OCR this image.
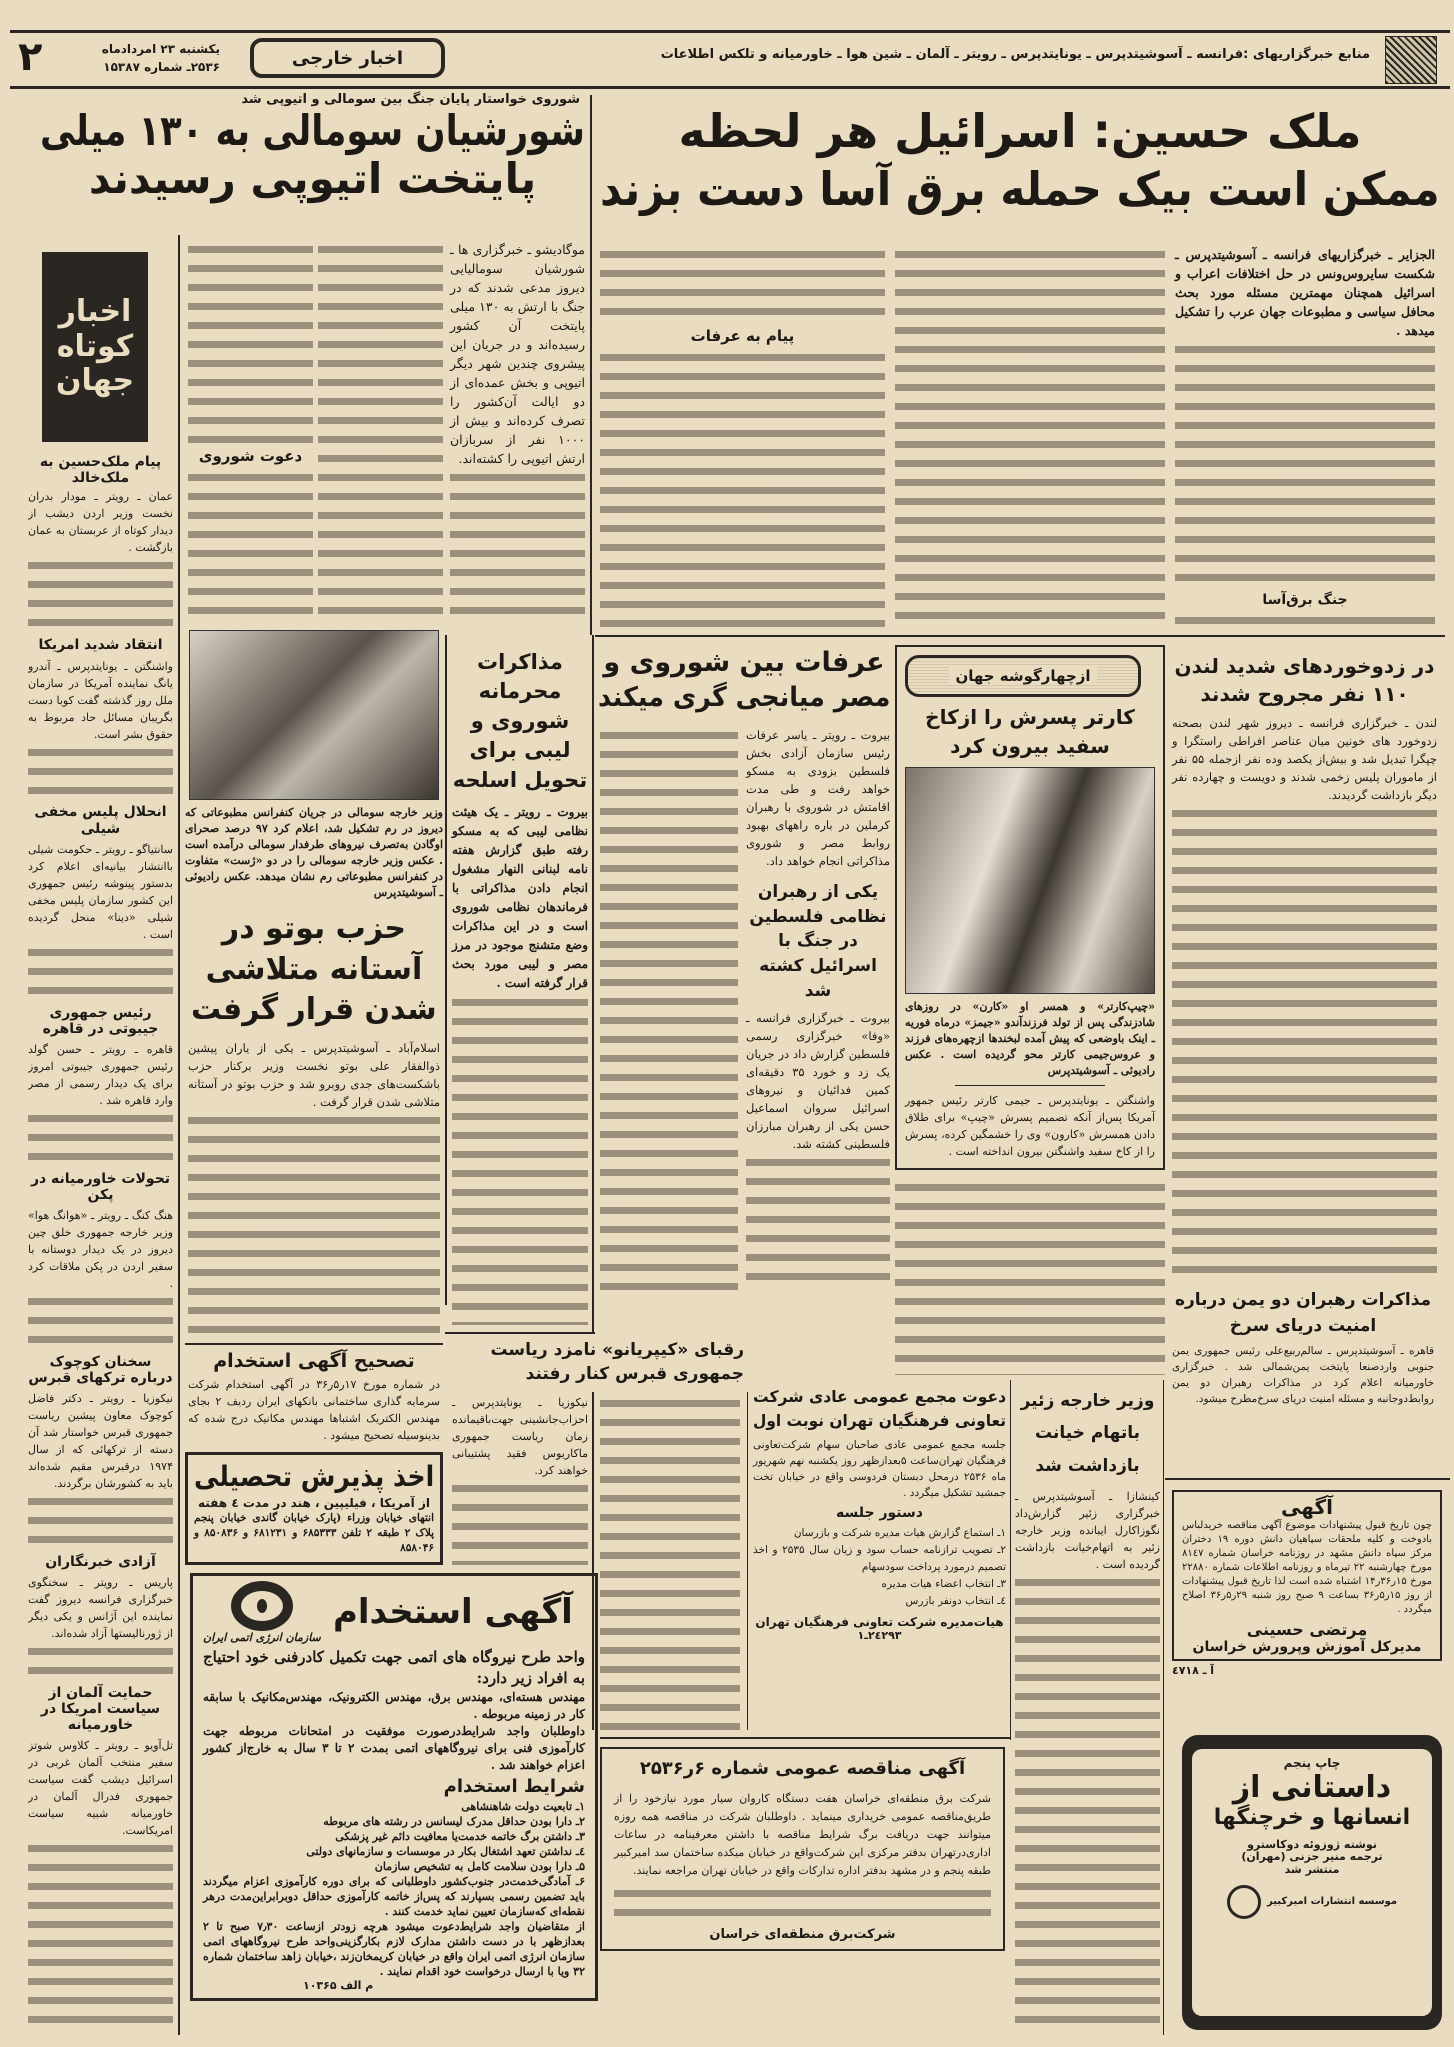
منابع خبرگزاریهای :فرانسه ـ آسوشیتدپرس ـ یونایتدپرس ـ رویتر ـ آلمان ـ شین هوا ـ خاورمیانه و تلکس اطلاعات
اخبار خارجی
یکشنبه ۲۳ امردادماه
۲۵۳۶ـ شماره ۱۵۳۸۷
۲
شوروی خواستار پایان جنگ بین سومالی و اتیوپی شد
شورشیان سومالی به ۱۳۰ میلی
پایتخت اتیوپی رسیدند
موگادیشو ـ خبرگزاری ها ـ شورشیان سومالیایی دیروز مدعی شدند که در جنگ با ارتش به ۱۳۰ میلی پایتخت آن کشور رسیده‌اند و در جریان این پیشروی چندین شهر دیگر اتیوپی و بخش عمده‌ای از دو ایالت آن‌کشور را تصرف کرده‌اند و بیش از ۱۰۰۰ نفر از سربازان ارتش اتیوپی را کشته‌اند.
دعوت شوروی
اخبار کوتاه جهان
پیام ملک‌حسین به ملک‌خالد
عمان ـ رویتر ـ مودار بدران نخست وزیر اردن دیشب از دیدار کوتاه از عربستان به عمان بازگشت .
انتقاد شدید امریکا
واشنگتن ـ یونایتدپرس ـ آندرو یانگ نماینده آمریکا در سازمان ملل روز گذشته گفت کوبا دست بگریبان مسائل حاد مربوط به حقوق بشر است.
انحلال پلیس مخفی شیلی
سانتیاگو ـ رویتر ـ حکومت شیلی باانتشار بیانیه‌ای اعلام کرد بدستور پینوشه رئیس جمهوری این کشور سازمان پلیس مخفی شیلی «دینا» منحل گردیده است .
رئیس جمهوری جیبوتی در قاهره
قاهره ـ رویتر ـ حسن گولد رئیس جمهوری جیبوتی امروز برای یک دیدار رسمی از مصر وارد قاهره شد .
تحولات خاورمیانه در پکن
هنگ کنگ ـ رویتر ـ «هوانگ هوا» وزیر خارجه جمهوری خلق چین دیروز در یک دیدار دوستانه با سفیر اردن در پکن ملاقات کرد .
سخنان کوچوک درباره ترکهای قبرس
نیکوزیا ـ رویتر ـ دکتر فاضل کوچوک معاون پیشین ریاست جمهوری قبرس خواستار شد آن دسته از ترکهائی که از سال ۱۹۷۴ درقبرس مقیم شده‌اند باید به کشورشان برگردند.
آزادی خبرنگاران
پاریس ـ رویتر ـ سخنگوی خبرگزاری فرانسه دیروز گفت نماینده این آژانس و یکی دیگر از ژورنالیستها آزاد شده‌اند.
حمایت آلمان از سیاست امریکا در خاورمیانه
تل‌آویو ـ رویتر ـ کلاوس شوتز سفیر منتخب آلمان غربی در اسرائیل دیشب گفت سیاست جمهوری فدرال آلمان در خاورمیانه شبیه سیاست امریکاست.
وزیر خارجه سومالی در جریان کنفرانس مطبوعاتی که دیروز در رم تشکیل شد، اعلام کرد ۹۷ درصد صحرای اوگادن به‌تصرف نیروهای طرفدار سومالی درآمده است . عکس وزیر خارجه سومالی را در دو «ژست» متفاوت در کنفرانس مطبوعاتی رم نشان میدهد. عکس رادیوئی ـ آسوشیتدپرس
حزب بوتو در
آستانه متلاشی
شدن قرار گرفت
اسلام‌آباد ـ آسوشیتدپرس ـ یکی از یاران پیشین ذوالفقار علی بوتو نخست وزیر برکنار حزب باشکست‌های جدی روبرو شد و حزب بوتو در آستانه متلاشی شدن قرار گرفت .
تصحیح آگهی استخدام
در شماره مورخ ۱۷ر۵ر۳۶ در آگهی استخدام شرکت سرمایه گذاری ساختمانی بانکهای ایران ردیف ۲ بجای مهندس الکتریک اشتباها مهندس مکانیک درج شده که بدینوسیله تصحیح میشود .
اخذ پذیرش تحصیلی
از آمریکا ، فیلیپین ، هند در مدت ٤ هفته
انتهای خیابان وزراء (پارک خیابان گاندی خیابان پنجم پلاک ۲ طبقه ۲ تلفن ۶۸۵۳۳۳ و ۶۸۱۲۳۱ و ۸۵۰۸۳۶ و ۸۵۸۰۴۶
سازمان انرژی اتمی ایران
آگهی استخدام
واحد طرح نیروگاه های اتمی جهت تکمیل کادرفنی خود احتیاج به افراد زیر دارد:
مهندس هسته‌ای، مهندس برق، مهندس الکترونیک، مهندس‌مکانیک با سابقه کار در زمینه مربوطه .
داوطلبان واجد شرایط‌درصورت موفقیت در امتحانات مربوطه جهت کارآموزی فنی برای نیروگاههای اتمی بمدت ۲ تا ۳ سال به خارج‌از کشور اعزام خواهند شد .
شرایط استخدام
۱ـ تابعیت دولت شاهنشاهی
۲ـ دارا بودن حداقل مدرک لیسانس در رشته های مربوطه
۳ـ داشتن برگ خاتمه خدمت‌یا معافیت دائم غیر پزشکی
٤ـ نداشتن تعهد اشتغال بکار در موسسات و سازمانهای دولتی
۵ـ دارا بودن سلامت کامل به تشخیص سازمان
۶ـ آمادگی‌خدمت‌در جنوب‌کشور داوطلبانی که برای دوره کارآموزی اعزام میگردند باید تضمین رسمی بسپارند که پس‌از خاتمه کارآموزی حداقل دوبرابر‌این‌مدت درهر نقطه‌ای که‌سازمان تعیین نماید خدمت کنند .
از متقاضیان واجد شرایط‌دعوت میشود هرچه زودتر ازساعت ۷٫۳۰ صبح تا ۲ بعدازظهر با در دست داشتن مدارک لازم بکارگزینی‌واحد طرح نیروگاههای اتمی سازمان انرژی اتمی ایران واقع در خیابان کریمخان‌زند ،خیابان زاهد ساختمان شماره ۳۲ ویا با ارسال درخواست خود اقدام نمایند .
م الف ۱۰۳۶۵
ملک حسین: اسرائیل هر لحظه
ممکن است بیک حمله برق آسا دست بزند
الجزایر ـ خبرگزاریهای فرانسه ـ آسوشیتدپرس ـ شکست سایروس‌ونس در حل اختلافات اعراب و اسرائیل همچنان مهمترین مسئله مورد بحث محافل سیاسی و مطبوعات جهان عرب را تشکیل میدهد .
جنگ برق‌آسا
پیام به عرفات
مذاکرات محرمانه شوروی و لیبی برای تحویل اسلحه
بیروت ـ رویتر ـ یک هیئت نظامی لیبی که به مسکو رفته طبق گزارش هفته نامه لبنانی النهار مشغول انجام دادن مذاکراتی با فرماندهان نظامی شوروی است و در این مذاکرات وضع متشنج موجود در مرز مصر و لیبی مورد بحث قرار گرفته است .
عرفات بین شوروی و
مصر میانجی گری میکند
بیروت ـ رویتر ـ یاسر عرفات رئیس سازمان آزادی بخش فلسطین بزودی به مسکو خواهد رفت و طی مدت اقامتش در شوروی با رهبران کرملین در باره راههای بهبود روابط مصر و شوروی مذاکراتی انجام خواهد داد.
یکی از رهبران نظامی فلسطین در جنگ با اسرائیل کشته شد
بیروت ـ خبرگزاری فرانسه ـ «وفا» خبرگزاری رسمی فلسطین گزارش داد در جریان یک زد و خورد ۳۵ دقیقه‌ای کمین فدائیان و نیروهای اسرائیل سروان اسماعیل حسن یکی از رهبران مبارزان فلسطینی کشته شد.
ازچهارگوشه جهان
کارتر پسرش را ازکاخ سفید بیرون کرد
«چیپ‌کارتر» و همسر او «کارن» در روزهای شادزندگی پس از تولد فرزندآندو «جیمز» درماه فوریه ـ اینک باوضعی که پیش آمده لبخندها ازچهره‌های فرزند و عروس‌جیمی کارتر محو گردیده است . عکس رادیوئی ـ آسوشیتدپرس
واشنگتن ـ یونایتدپرس ـ جیمی کارتر رئیس جمهور آمریکا پس‌از آنکه تصمیم پسرش «چیپ» برای طلاق دادن همسرش «کارون» وی را خشمگین کرده، پسرش را از کاخ سفید واشنگتن بیرون انداخته است .
در زدوخوردهای شدید لندن
۱۱۰ نفر مجروح شدند
لندن ـ خبرگزاری فرانسه ـ دیروز شهر لندن بصحنه زدوخورد های خونین میان عناصر افراطی راستگرا و چپگرا تبدیل شد و بیش‌از یکصد وده نفر ازجمله ۵۵ نفر از ماموران پلیس زخمی شدند و دویست و چهارده نفر دیگر بازداشت گردیدند.
مذاکرات رهبران دو یمن درباره
امنیت دریای سرخ
قاهره ـ آسوشیتدپرس ـ سالم‌ربیع‌علی رئیس جمهوری یمن جنوبی واردصنعا پایتخت یمن‌شمالی شد . خبرگزاری خاورمیانه اعلام کرد در مذاکرات رهبران دو یمن روابط‌دوجانبه و مسئله امنیت دریای سرخ‌مطرح میشود.
رقبای «کیپریانو» نامزد ریاست
جمهوری قبرس کنار رفتند
نیکوزیا ـ یونایتدپرس ـ احزاب‌جانشینی جهت‌باقیمانده زمان ریاست جمهوری ماکاریوس فقید پشتیبانی خواهند کرد.
دعوت مجمع عمومی عادی شرکت
تعاونی فرهنگیان تهران نوبت اول
جلسه مجمع عمومی عادی صاحبان سهام شرکت‌تعاونی فرهنگیان تهران‌ساعت ۵بعدازظهر روز یکشنبه نهم شهریور ماه ۲۵۳۶ درمحل دبستان فردوسی واقع در خیابان تخت جمشید تشکیل میگردد .
دستور جلسه
۱ـ استماع گزارش هیات مدیره شرکت و بازرسان
۲ـ تصویب ترازنامه حساب سود و زیان سال ۲۵۳۵ و اخذ تصمیم درمورد پرداخت سود‌سهام
۳ـ انتخاب اعضاء هیات مدیره
٤ـ انتخاب دونفر بازرس
هیات‌مدیره شرکت تعاونی فرهنگیان تهران
۲٤۲۹۳ـ۱
وزیر خارجه زئیر
باتهام خیانت
بازداشت شد
کینشازا ـ آسوشیتدپرس ـ خبرگزاری زئیر گزارش‌داد نگوزاکارل ایبانده وزیر خارجه زئیر به اتهام‌خیانت بازداشت گردیده است .
آگهی
چون تاریخ قبول پیشنهادات موضوع آگهی مناقصه خریدلباس بادوخت و کلیه ملحقات سپاهیان دانش دوره ۱۹ دختران مرکز سپاه دانش مشهد در روزنامه خراسان شماره ۸۱٤۷ مورخ چهارشنبه ۲۲ تیرماه و روزنامه اطلاعات شماره ۲۲۸۸۰ مورخ ۱۵ر۳۶ر۱۴ اشتباه شده است لذا تاریخ قبول پیشنهادات از روز ۱۵ر۵ر۳۶ بساعت ۹ صبح روز شنبه ۲۹ر۵ر۳۶ اصلاح میگردد .
مرتضی حسینی
مدیرکل آموزش وپرورش خراسان
آ ـ ٤۷۱۸
آگهی مناقصه عمومی شماره ۶ر۲۵۳۶
شرکت برق منطقه‌ای خراسان هفت دستگاه کاروان سیار مورد نیازخود را از طریق‌مناقصه عمومی خریداری مینماید . داوطلبان شرکت در مناقصه همه روزه میتوانند جهت دریافت برگ شرایط مناقصه با داشتن معرفینامه در ساعات اداری‌درتهران بدفتر مرکزی این شرکت‌واقع در خیابان میکده ساختمان سد امیرکبیر طبقه پنجم و در مشهد بدفتر اداره تدارکات واقع در خیابان تهران مراجعه نمایند.
شرکت‌برق منطقه‌ای خراسان
چاپ پنجم
داستانی از
انسانها و خرچنگها
نوشته ژوزوئه دوکاسترو
ترجمه منیر جزنی (مهران)
منتشر شد
موسسه انتشارات امیرکبیر
